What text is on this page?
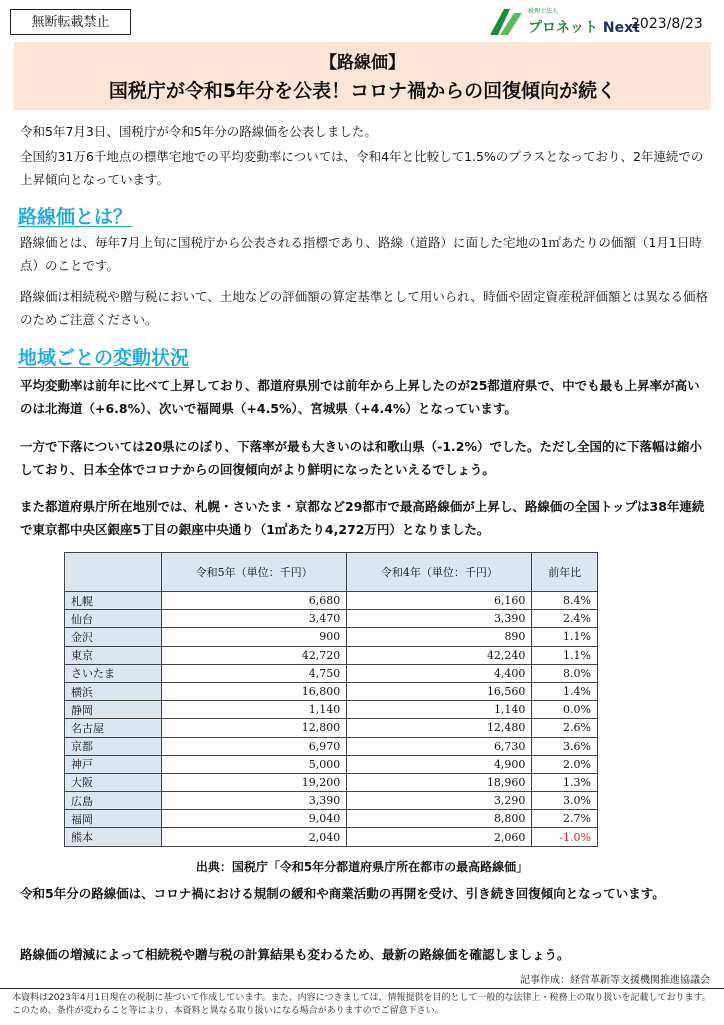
無断転載禁止
税理士法人
プロネット Next
2023/8/23
【路線価】
国税庁が令和5年分を公表！コロナ禍からの回復傾向が続く
令和5年7月3日、国税庁が令和5年分の路線価を公表しました。
全国約31万6千地点の標準宅地での平均変動率については、令和4年と比較して1.5%のプラスとなっており、2年連続での上昇傾向となっています。
路線価とは？
路線価とは、毎年7月上旬に国税庁から公表される指標であり、路線（道路）に面した宅地の1㎡あたりの価額（1月1日時点）のことです。
路線価は相続税や贈与税において、土地などの評価額の算定基準として用いられ、時価や固定資産税評価額とは異なる価格のためご注意ください。
地域ごとの変動状況
平均変動率は前年に比べて上昇しており、都道府県別では前年から上昇したのが25都道府県で、中でも最も上昇率が高いのは北海道（+6.8%）、次いで福岡県（+4.5%）、宮城県（+4.4%）となっています。
一方で下落については20県にのぼり、下落率が最も大きいのは和歌山県（-1.2%）でした。ただし全国的に下落幅は縮小しており、日本全体でコロナからの回復傾向がより鮮明になったといえるでしょう。
また都道府県庁所在地別では、札幌・さいたま・京都など29都市で最高路線価が上昇し、路線価の全国トップは38年連続で東京都中央区銀座5丁目の銀座中央通り（1㎡あたり4,272万円）となりました。
	令和5年（単位：千円）	令和4年（単位：千円）	前年比
札幌	6,680	6,160	8.4%
仙台	3,470	3,390	2.4%
金沢	900	890	1.1%
東京	42,720	42,240	1.1%
さいたま	4,750	4,400	8.0%
横浜	16,800	16,560	1.4%
静岡	1,140	1,140	0.0%
名古屋	12,800	12,480	2.6%
京都	6,970	6,730	3.6%
神戸	5,000	4,900	2.0%
大阪	19,200	18,960	1.3%
広島	3,390	3,290	3.0%
福岡	9,040	8,800	2.7%
熊本	2,040	2,060	-1.0%
出典：国税庁「令和5年分都道府県庁所在都市の最高路線価」
令和5年分の路線価は、コロナ禍における規制の緩和や商業活動の再開を受け、引き続き回復傾向となっています。
路線価の増減によって相続税や贈与税の計算結果も変わるため、最新の路線価を確認しましょう。
記事作成：経営革新等支援機関推進協議会
本資料は2023年4月1日現在の税制に基づいて作成しています。また、内容につきましては、情報提供を目的として一般的な法律上・税務上の取り扱いを記載しております。このため、条件が変わること等により、本資料と異なる取り扱いになる場合がありますのでご留意下さい。
